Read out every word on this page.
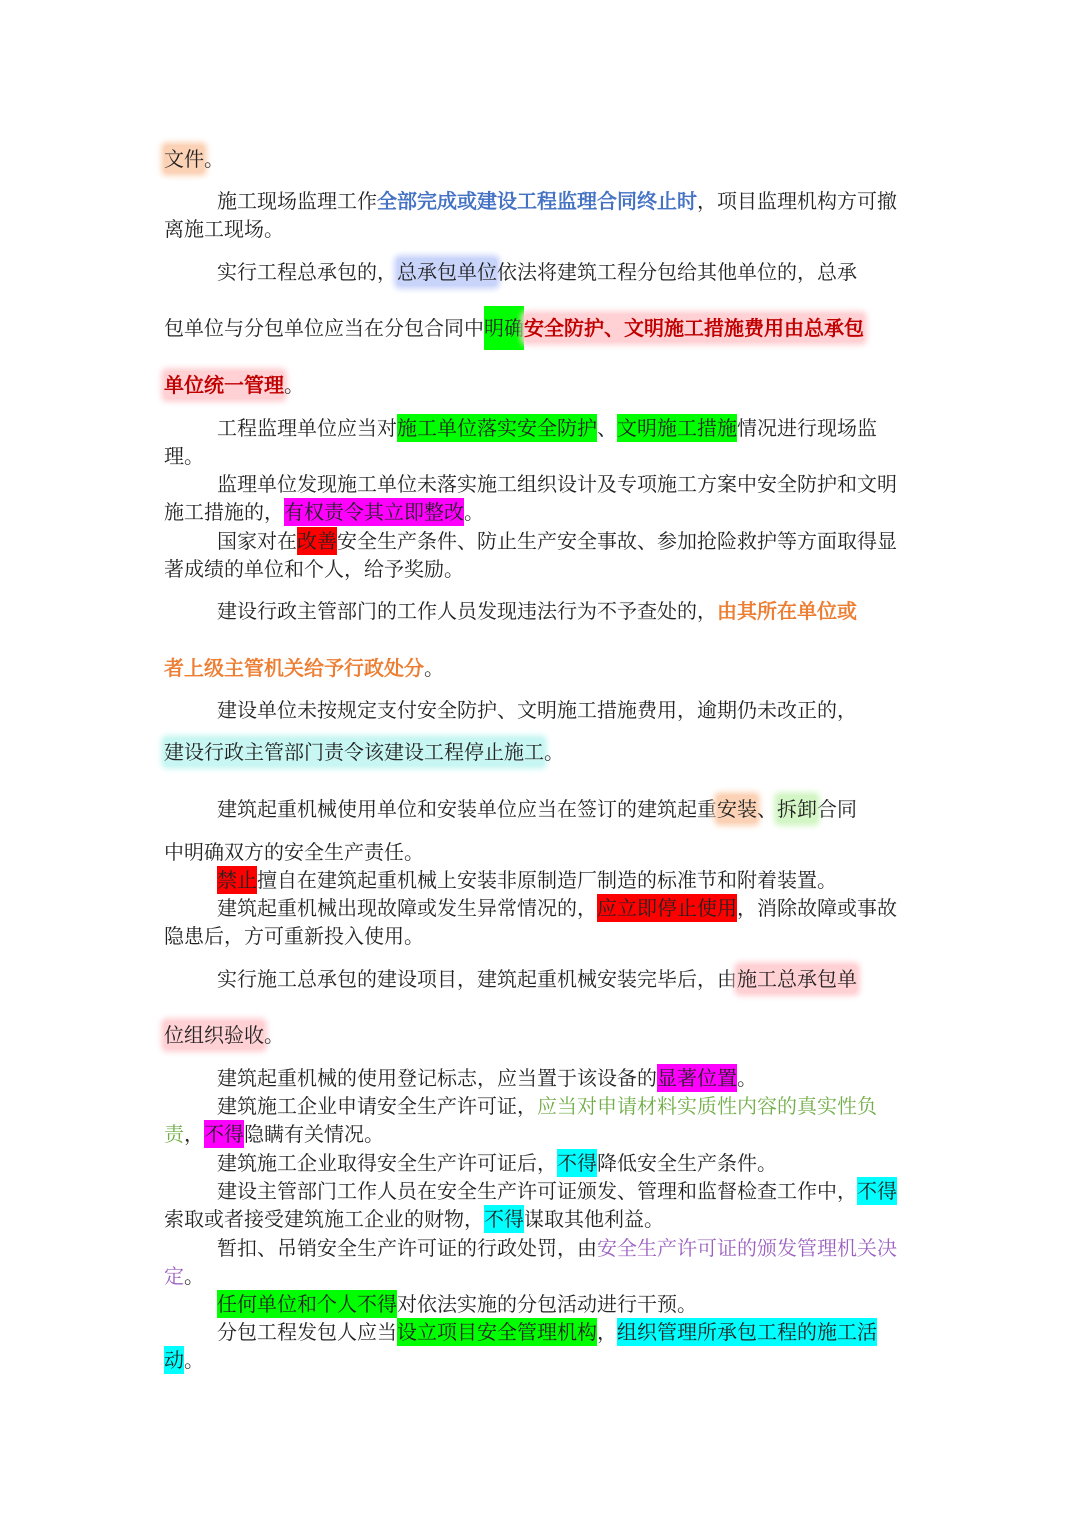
文件。
施工现场监理工作全部完成或建设工程监理合同终止时，项目监理机构方可撤离施工现场。
实行工程总承包的，总承包单位依法将建筑工程分包给其他单位的，总承
包单位与分包单位应当在分包合同中明确安全防护、文明施工措施费用由总承包
单位统一管理。
工程监理单位应当对施工单位落实安全防护、文明施工措施情况进行现场监理。
监理单位发现施工单位未落实施工组织设计及专项施工方案中安全防护和文明施工措施的，有权责令其立即整改。
国家对在改善安全生产条件、防止生产安全事故、参加抢险救护等方面取得显著成绩的单位和个人，给予奖励。
建设行政主管部门的工作人员发现违法行为不予查处的，由其所在单位或
者上级主管机关给予行政处分。
建设单位未按规定支付安全防护、文明施工措施费用，逾期仍未改正的，
建设行政主管部门责令该建设工程停止施工。
建筑起重机械使用单位和安装单位应当在签订的建筑起重安装、拆卸合同
中明确双方的安全生产责任。
禁止擅自在建筑起重机械上安装非原制造厂制造的标准节和附着装置。
建筑起重机械出现故障或发生异常情况的，应立即停止使用，消除故障或事故隐患后，方可重新投入使用。
实行施工总承包的建设项目，建筑起重机械安装完毕后，由施工总承包单
位组织验收。
建筑起重机械的使用登记标志，应当置于该设备的显著位置。
建筑施工企业申请安全生产许可证，应当对申请材料实质性内容的真实性负责，不得隐瞒有关情况。
建筑施工企业取得安全生产许可证后，不得降低安全生产条件。
建设主管部门工作人员在安全生产许可证颁发、管理和监督检查工作中，不得索取或者接受建筑施工企业的财物，不得谋取其他利益。
暂扣、吊销安全生产许可证的行政处罚，由安全生产许可证的颁发管理机关决定。
任何单位和个人不得对依法实施的分包活动进行干预。
分包工程发包人应当设立项目安全管理机构，组织管理所承包工程的施工活动。
